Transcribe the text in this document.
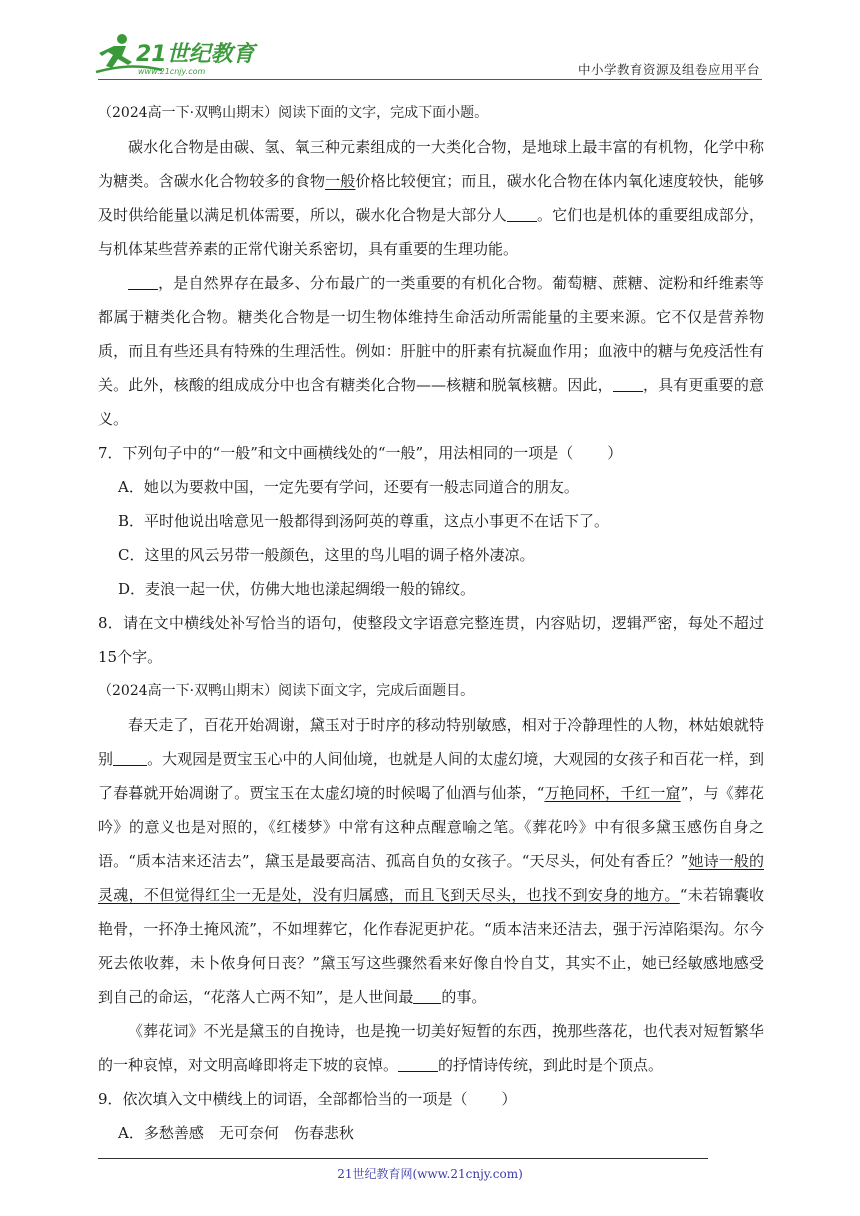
21世纪教育
www.21cnjy.com	中小学教育资源及组卷应用平台

（2024高一下·双鸭山期末）阅读下面的文字，完成下面小题。

碳水化合物是由碳、氢、氧三种元素组成的一大类化合物，是地球上最丰富的有机物，化学中称为糖类。含碳水化合物较多的食物一般价格比较便宜；而且，碳水化合物在体内氧化速度较快，能够及时供给能量以满足机体需要，所以，碳水化合物是大部分人 。它们也是机体的重要组成部分，与机体某些营养素的正常代谢关系密切，具有重要的生理功能。

，是自然界存在最多、分布最广的一类重要的有机化合物。葡萄糖、蔗糖、淀粉和纤维素等都属于糖类化合物。糖类化合物是一切生物体维持生命活动所需能量的主要来源。它不仅是营养物质，而且有些还具有特殊的生理活性。例如：肝脏中的肝素有抗凝血作用；血液中的糖与免疫活性有关。此外，核酸的组成成分中也含有糖类化合物——核糖和脱氧核糖。因此， ，具有更重要的意义。

7．下列句子中的“一般”和文中画横线处的“一般”，用法相同的一项是（ ）

A．她以为要救中国，一定先要有学问，还要有一般志同道合的朋友。

B．平时他说出啥意见一般都得到汤阿英的尊重，这点小事更不在话下了。

C．这里的风云另带一般颜色，这里的鸟儿唱的调子格外凄凉。

D．麦浪一起一伏，仿佛大地也漾起绸缎一般的锦纹。

8．请在文中横线处补写恰当的语句，使整段文字语意完整连贯，内容贴切，逻辑严密，每处不超过15个字。

（2024高一下·双鸭山期末）阅读下面文字，完成后面题目。

春天走了，百花开始凋谢，黛玉对于时序的移动特别敏感，相对于冷静理性的人物，林姑娘就特别 。大观园是贾宝玉心中的人间仙境，也就是人间的太虚幻境，大观园的女孩子和百花一样，到了春暮就开始凋谢了。贾宝玉在太虚幻境的时候喝了仙酒与仙茶，“万艳同杯，千红一窟”，与《葬花吟》的意义也是对照的，《红楼梦》中常有这种点醒意喻之笔。《葬花吟》中有很多黛玉感伤自身之语。“质本洁来还洁去”，黛玉是最要高洁、孤高自负的女孩子。“天尽头，何处有香丘？”她诗一般的灵魂，不但觉得红尘一无是处，没有归属感，而且飞到天尽头，也找不到安身的地方。“未若锦囊收艳骨，一抔净土掩风流”，不如埋葬它，化作春泥更护花。“质本洁来还洁去，强于污淖陷渠沟。尔今死去侬收葬，未卜侬身何日丧？”黛玉写这些骤然看来好像自怜自艾，其实不止，她已经敏感地感受到自己的命运，“花落人亡两不知”，是人世间最 的事。

《葬花词》不光是黛玉的自挽诗，也是挽一切美好短暂的东西，挽那些落花，也代表对短暂繁华的一种哀悼，对文明高峰即将走下坡的哀悼。	的抒情诗传统，到此时是个顶点。

9．依次填入文中横线上的词语，全部都恰当的一项是（ ）

A．多愁善感　无可奈何　伤春悲秋

21世纪教育网(www.21cnjy.com)
